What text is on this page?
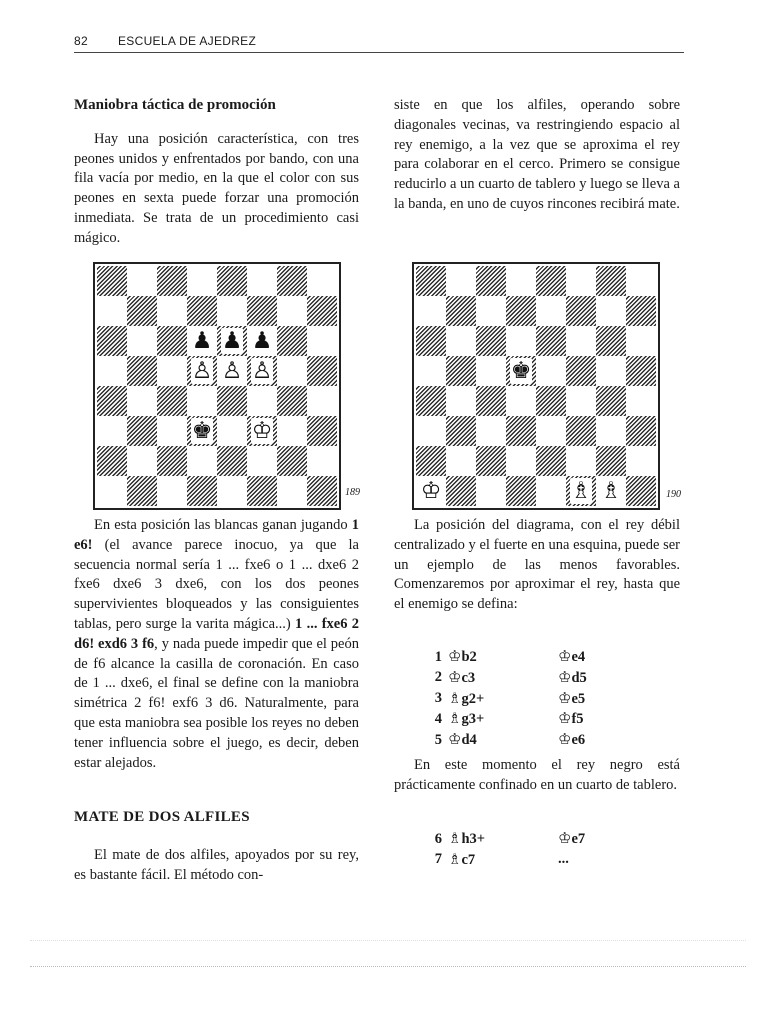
82	ESCUELA DE AJEDREZ
Maniobra táctica de promoción

Hay una posición característica, con tres peones unidos y enfrentados por bando, con una fila vacía por medio, en la que el color con sus peones en sexta puede forzar una promoción inmediata. Se trata de un procedimiento casi mágico.

♟ ♟ ♟
♙ ♙ ♙
♚ ♔
189

En esta posición las blancas ganan jugando 1 e6! (el avance parece inocuo, ya que la secuencia normal sería 1 ... fxe6 o 1 ... dxe6 2 fxe6 dxe6 3 dxe6, con los dos peones supervivientes bloqueados y las consiguientes tablas, pero surge la varita mágica...) 1 ... fxe6 2 d6! exd6 3 f6, y nada puede impedir que el peón de f6 alcance la casilla de coronación. En caso de 1 ... dxe6, el final se define con la maniobra simétrica 2 f6! exf6 3 d6. Naturalmente, para que esta maniobra sea posible los reyes no deben tener influencia sobre el juego, es decir, deben estar alejados.

MATE DE DOS ALFILES

El mate de dos alfiles, apoyados por su rey, es bastante fácil. El método con-

siste en que los alfiles, operando sobre diagonales vecinas, va restringiendo espacio al rey enemigo, a la vez que se aproxima el rey para colaborar en el cerco. Primero se consigue reducirlo a un cuarto de tablero y luego se lleva a la banda, en uno de cuyos rincones recibirá mate.

♚
♔	♗ ♗	190

La posición del diagrama, con el rey débil centralizado y el fuerte en una esquina, puede ser un ejemplo de las menos favorables. Comenzaremos por aproximar el rey, hasta que el enemigo se defina:

1	♔b2	♔e4
2	♔c3	♔d5
3	♗g2+	♔e5
4	♗g3+	♔f5
5	♔d4	♔e6

En este momento el rey negro está prácticamente confinado en un cuarto de tablero.

6	♗h3+	♔e7
7	♗c7	...
